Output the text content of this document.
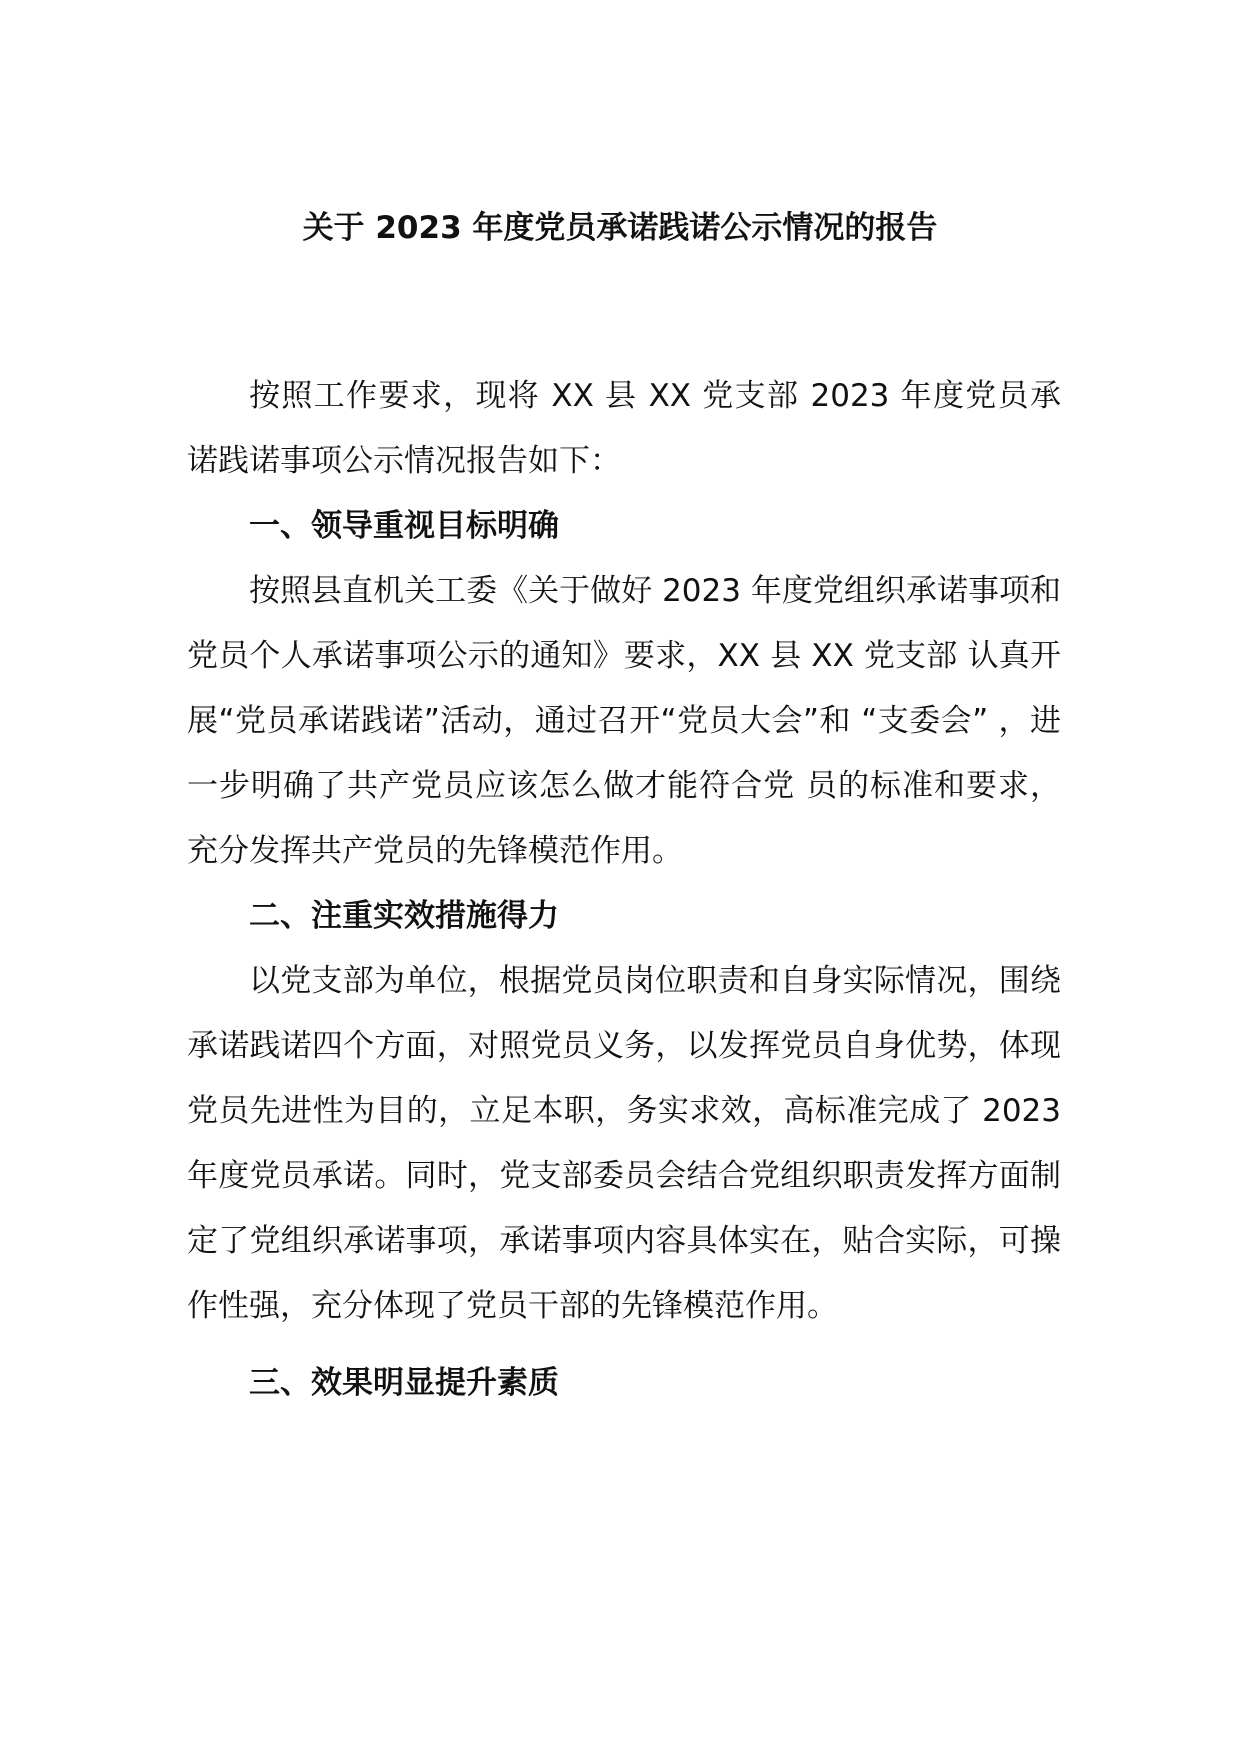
关于 2023 年度党员承诺践诺公示情况的报告

按照工作要求，现将 XX 县 XX 党支部 2023 年度党员承 诺践诺事项公示情况报告如下：

一、领导重视目标明确

按照县直机关工委《关于做好 2023 年度党组织承诺事项和党员个人承诺事项公示的通知》要求，XX 县 XX 党支部 认真开展“党员承诺践诺”活动，通过召开“党员大会”和 “支委会” ，进一步明确了共产党员应该怎么做才能符合党 员的标准和要求，充分发挥共产党员的先锋模范作用。

二、注重实效措施得力

以党支部为单位，根据党员岗位职责和自身实际情况，围绕承诺践诺四个方面，对照党员义务，以发挥党员自身优势，体现党员先进性为目的，立足本职，务实求效，高标准完成了 2023 年度党员承诺。同时，党支部委员会结合党组织职责发挥方面制定了党组织承诺事项，承诺事项内容具体实在，贴合实际，可操作性强，充分体现了党员干部的先锋模范作用。

三、效果明显提升素质
